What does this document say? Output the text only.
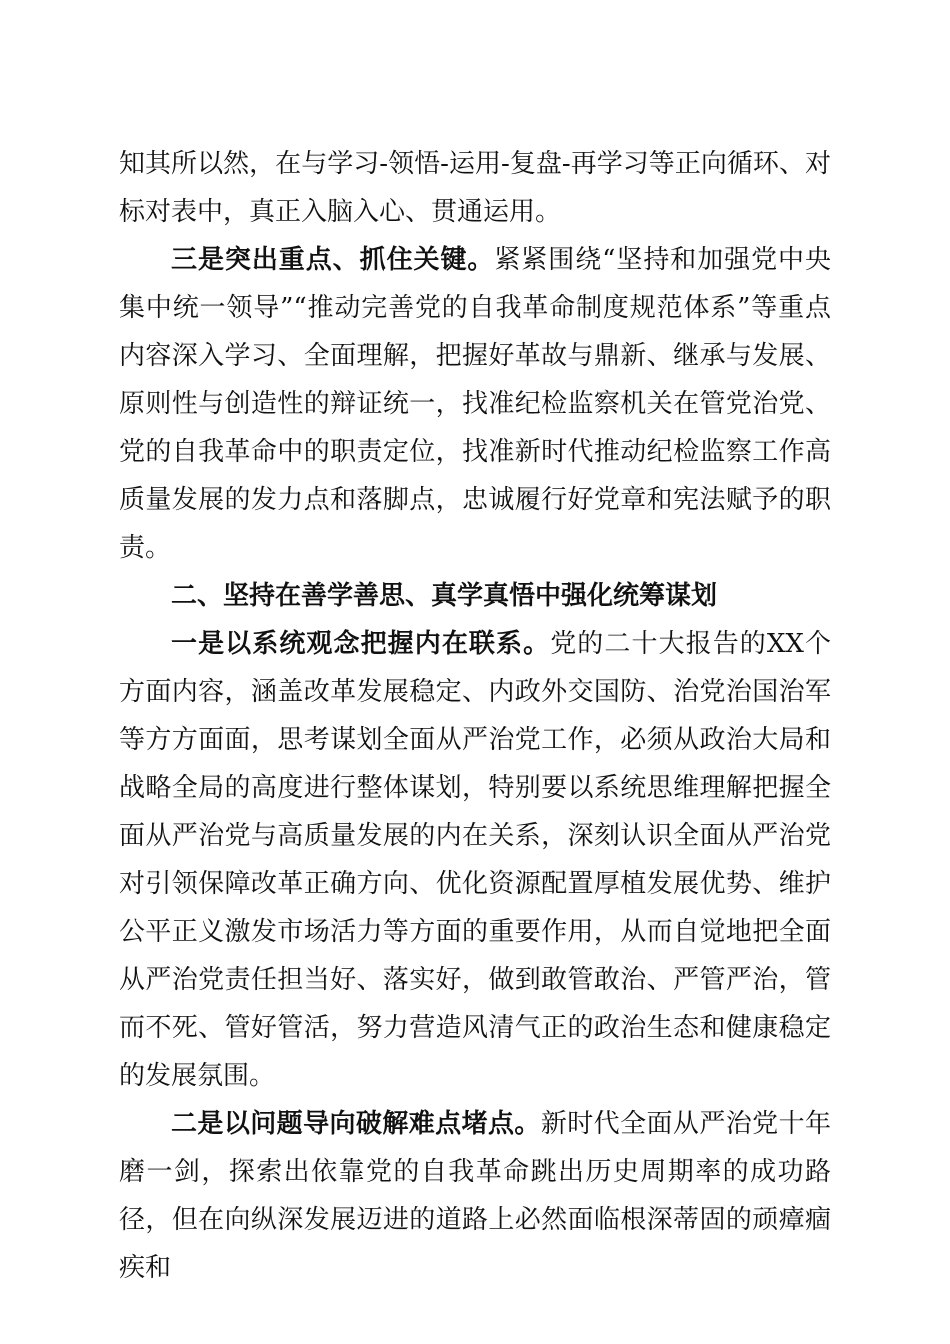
知其所以然，在与学习-领悟-运用-复盘-再学习等正向循环、对标对表中，真正入脑入心、贯通运用。

三是突出重点、抓住关键。紧紧围绕“坚持和加强党中央集中统一领导”“推动完善党的自我革命制度规范体系”等重点内容深入学习、全面理解，把握好革故与鼎新、继承与发展、原则性与创造性的辩证统一，找准纪检监察机关在管党治党、党的自我革命中的职责定位，找准新时代推动纪检监察工作高质量发展的发力点和落脚点，忠诚履行好党章和宪法赋予的职责。

二、坚持在善学善思、真学真悟中强化统筹谋划

一是以系统观念把握内在联系。党的二十大报告的XX个方面内容，涵盖改革发展稳定、内政外交国防、治党治国治军等方方面面，思考谋划全面从严治党工作，必须从政治大局和战略全局的高度进行整体谋划，特别要以系统思维理解把握全面从严治党与高质量发展的内在关系，深刻认识全面从严治党对引领保障改革正确方向、优化资源配置厚植发展优势、维护公平正义激发市场活力等方面的重要作用，从而自觉地把全面从严治党责任担当好、落实好，做到敢管敢治、严管严治，管而不死、管好管活，努力营造风清气正的政治生态和健康稳定的发展氛围。

二是以问题导向破解难点堵点。新时代全面从严治党十年磨一剑，探索出依靠党的自我革命跳出历史周期率的成功路径，但在向纵深发展迈进的道路上必然面临根深蒂固的顽瘴痼疾和
